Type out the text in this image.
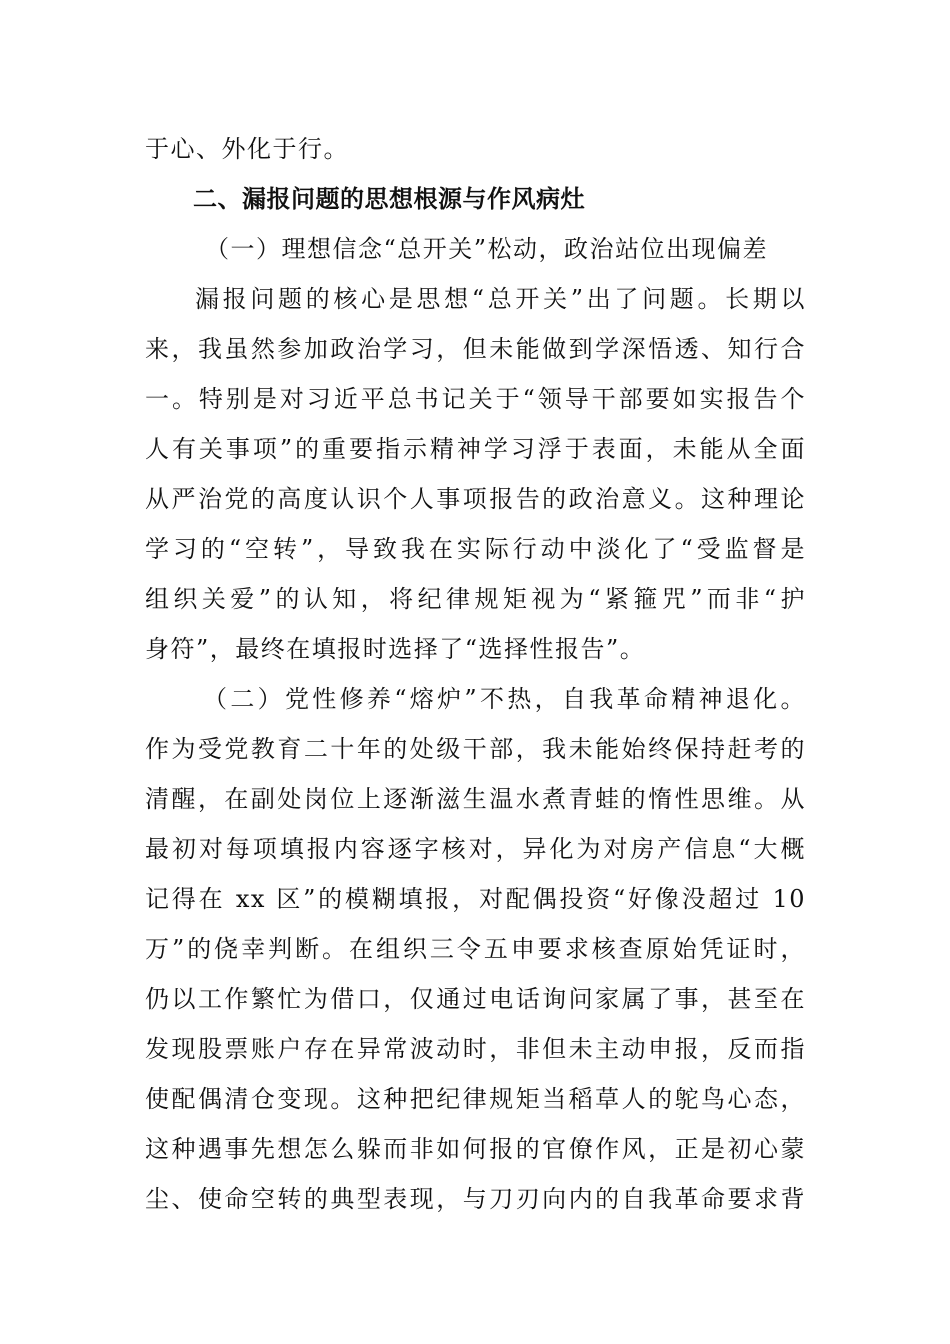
于心、外化于行。
二、漏报问题的思想根源与作风病灶
（一）理想信念“总开关”松动，政治站位出现偏差
漏报问题的核心是思想“总开关”出了问题。长期以
来，我虽然参加政治学习，但未能做到学深悟透、知行合
一。特别是对习近平总书记关于“领导干部要如实报告个
人有关事项”的重要指示精神学习浮于表面，未能从全面
从严治党的高度认识个人事项报告的政治意义。这种理论
学习的“空转”，导致我在实际行动中淡化了“受监督是
组织关爱”的认知，将纪律规矩视为“紧箍咒”而非“护
身符”，最终在填报时选择了“选择性报告”。
（二）党性修养“熔炉”不热，自我革命精神退化。
作为受党教育二十年的处级干部，我未能始终保持赶考的
清醒，在副处岗位上逐渐滋生温水煮青蛙的惰性思维。从
最初对每项填报内容逐字核对，异化为对房产信息“大概
记得在 xx 区”的模糊填报，对配偶投资“好像没超过 10
万”的侥幸判断。在组织三令五申要求核查原始凭证时，
仍以工作繁忙为借口，仅通过电话询问家属了事，甚至在
发现股票账户存在异常波动时，非但未主动申报，反而指
使配偶清仓变现。这种把纪律规矩当稻草人的鸵鸟心态，
这种遇事先想怎么躲而非如何报的官僚作风，正是初心蒙
尘、使命空转的典型表现，与刀刃向内的自我革命要求背
